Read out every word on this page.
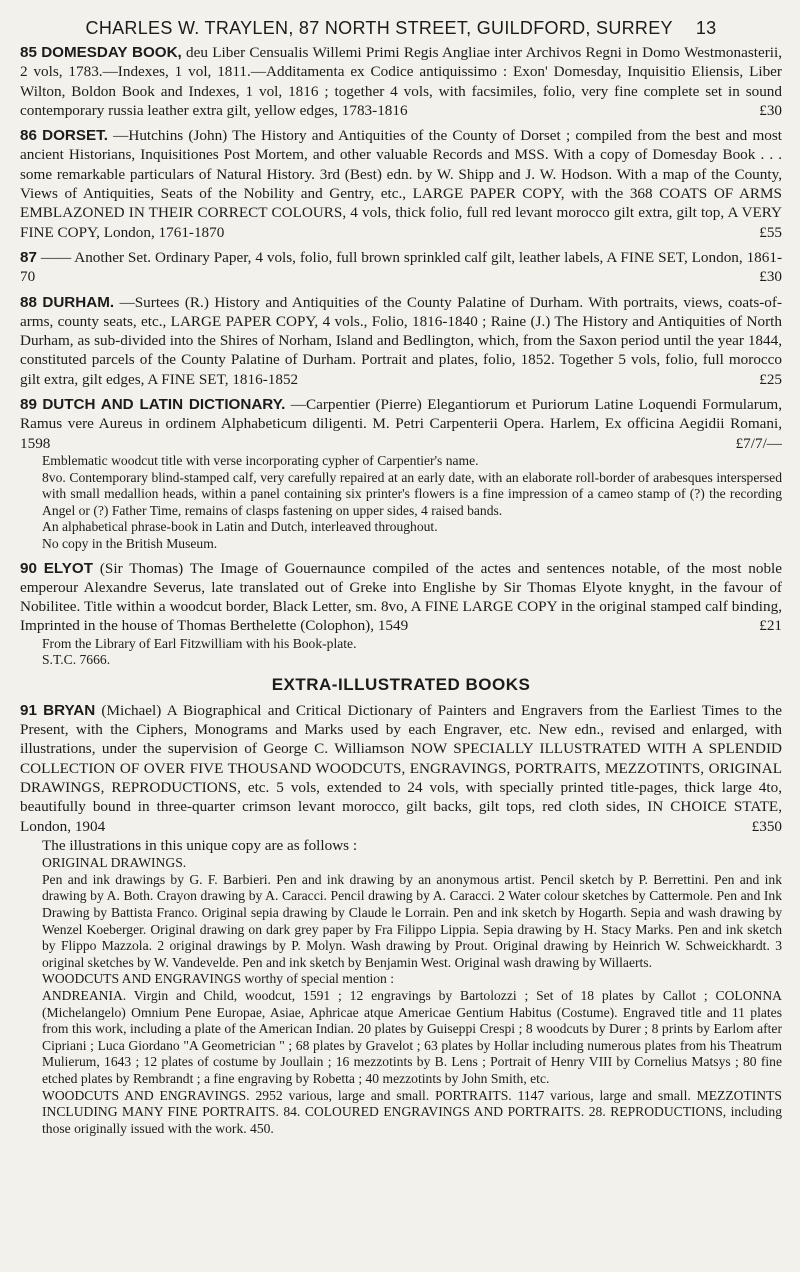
CHARLES W. TRAYLEN, 87 NORTH STREET, GUILDFORD, SURREY 13
85 DOMESDAY BOOK, deu Liber Censualis Willemi Primi Regis Angliae inter Archivos Regni in Domo Westmonasterii, 2 vols, 1783.—Indexes, 1 vol, 1811.—Additamenta ex Codice antiquissimo : Exon' Domesday, Inquisitio Eliensis, Liber Wilton, Boldon Book and Indexes, 1 vol, 1816 ; together 4 vols, with facsimiles, folio, very fine complete set in sound contemporary russia leather extra gilt, yellow edges, 1783-1816	£30
86 DORSET. —Hutchins (John) The History and Antiquities of the County of Dorset ; compiled from the best and most ancient Historians, Inquisitiones Post Mortem, and other valuable Records and MSS. With a copy of Domesday Book . . . some remarkable particulars of Natural History. 3rd (Best) edn. by W. Shipp and J. W. Hodson. With a map of the County, Views of Antiquities, Seats of the Nobility and Gentry, etc., LARGE PAPER COPY, with the 368 COATS OF ARMS EMBLAZONED IN THEIR CORRECT COLOURS, 4 vols, thick folio, full red levant morocco gilt extra, gilt top, A VERY FINE COPY, London, 1761-1870	£55
87 —— Another Set. Ordinary Paper, 4 vols, folio, full brown sprinkled calf gilt, leather labels, A FINE SET, London, 1861-70	£30
88 DURHAM. —Surtees (R.) History and Antiquities of the County Palatine of Durham. With portraits, views, coats-of-arms, county seats, etc., LARGE PAPER COPY, 4 vols., Folio, 1816-1840 ; Raine (J.) The History and Antiquities of North Durham, as sub-divided into the Shires of Norham, Island and Bedlington, which, from the Saxon period until the year 1844, constituted parcels of the County Palatine of Durham. Portrait and plates, folio, 1852. Together 5 vols, folio, full morocco gilt extra, gilt edges, A FINE SET, 1816-1852	£25
89 DUTCH AND LATIN DICTIONARY. —Carpentier (Pierre) Elegantiorum et Puriorum Latine Loquendi Formularum, Ramus vere Aureus in ordinem Alphabeticum diligenti. M. Petri Carpenterii Opera. Harlem, Ex officina Aegidii Romani, 1598	£7/7/—
Emblematic woodcut title with verse incorporating cypher of Carpentier's name.
8vo. Contemporary blind-stamped calf, very carefully repaired at an early date, with an elaborate roll-border of arabesques interspersed with small medallion heads, within a panel containing six printer's flowers is a fine impression of a cameo stamp of (?) the recording Angel or (?) Father Time, remains of clasps fastening on upper sides, 4 raised bands.
An alphabetical phrase-book in Latin and Dutch, interleaved throughout.
No copy in the British Museum.
90 ELYOT (Sir Thomas) The Image of Gouernaunce compiled of the actes and sentences notable, of the most noble emperour Alexandre Severus, late translated out of Greke into Englishe by Sir Thomas Elyote knyght, in the favour of Nobilitee. Title within a woodcut border, Black Letter, sm. 8vo, A FINE LARGE COPY in the original stamped calf binding, Imprinted in the house of Thomas Berthelette (Colophon), 1549	£21
From the Library of Earl Fitzwilliam with his Book-plate.
S.T.C. 7666.
EXTRA-ILLUSTRATED BOOKS
91 BRYAN (Michael) A Biographical and Critical Dictionary of Painters and Engravers from the Earliest Times to the Present, with the Ciphers, Monograms and Marks used by each Engraver, etc. New edn., revised and enlarged, with illustrations, under the supervision of George C. Williamson NOW SPECIALLY ILLUSTRATED WITH A SPLENDID COLLECTION OF OVER FIVE THOUSAND WOODCUTS, ENGRAVINGS, PORTRAITS, MEZZOTINTS, ORIGINAL DRAWINGS, REPRODUCTIONS, etc. 5 vols, extended to 24 vols, with specially printed title-pages, thick large 4to, beautifully bound in three-quarter crimson levant morocco, gilt backs, gilt tops, red cloth sides, IN CHOICE STATE, London, 1904	£350
The illustrations in this unique copy are as follows :
ORIGINAL DRAWINGS.
Pen and ink drawings by G. F. Barbieri. Pen and ink drawing by an anonymous artist. Pencil sketch by P. Berrettini. Pen and ink drawing by A. Both. Crayon drawing by A. Caracci. Pencil drawing by A. Caracci. 2 Water colour sketches by Cattermole. Pen and Ink Drawing by Battista Franco. Original sepia drawing by Claude le Lorrain. Pen and ink sketch by Hogarth. Sepia and wash drawing by Wenzel Koeberger. Original drawing on dark grey paper by Fra Filippo Lippia. Sepia drawing by H. Stacy Marks. Pen and ink sketch by Flippo Mazzola. 2 original drawings by P. Molyn. Wash drawing by Prout. Original drawing by Heinrich W. Schweickhardt. 3 original sketches by W. Vandevelde. Pen and ink sketch by Benjamin West. Original wash drawing by Willaerts.
WOODCUTS AND ENGRAVINGS worthy of special mention :
ANDREANIA. Virgin and Child, woodcut, 1591 ; 12 engravings by Bartolozzi ; Set of 18 plates by Callot ; COLONNA (Michelangelo) Omnium Pene Europae, Asiae, Aphricae atque Americae Gentium Habitus (Costume). Engraved title and 11 plates from this work, including a plate of the American Indian. 20 plates by Guiseppi Crespi ; 8 woodcuts by Durer ; 8 prints by Earlom after Cipriani ; Luca Giordano "A Geometrician " ; 68 plates by Gravelot ; 63 plates by Hollar including numerous plates from his Theatrum Mulierum, 1643 ; 12 plates of costume by Joullain ; 16 mezzotints by B. Lens ; Portrait of Henry VIII by Cornelius Matsys ; 80 fine etched plates by Rembrandt ; a fine engraving by Robetta ; 40 mezzotints by John Smith, etc.
WOODCUTS AND ENGRAVINGS. 2952 various, large and small. PORTRAITS. 1147 various, large and small. MEZZOTINTS INCLUDING MANY FINE PORTRAITS. 84. COLOURED ENGRAVINGS AND PORTRAITS. 28. REPRODUCTIONS, including those originally issued with the work. 450.
